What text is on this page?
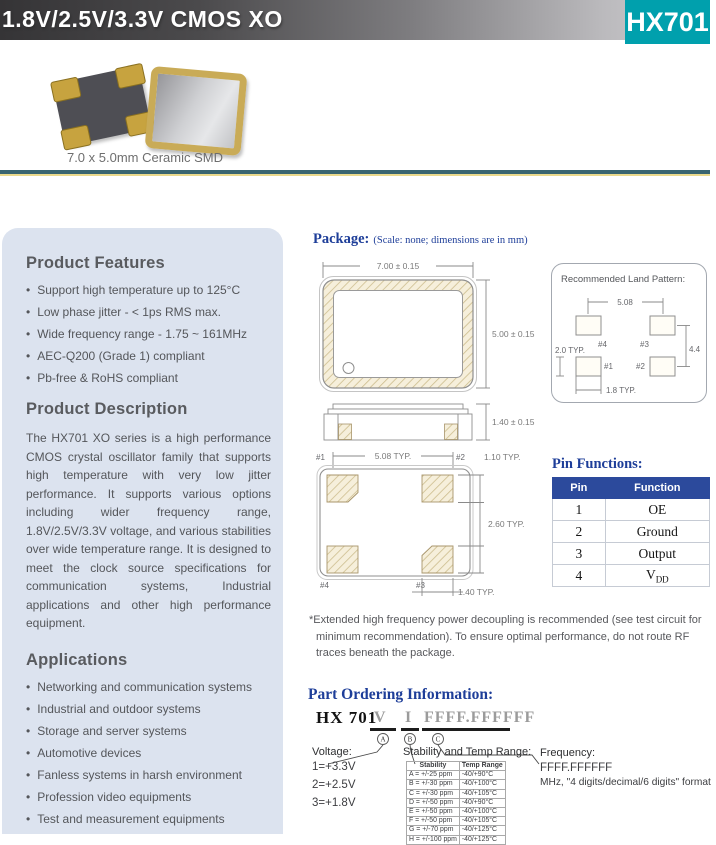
1.8V/2.5V/3.3V CMOS XO	HX701
7.0 x 5.0mm Ceramic SMD
Product Features
• Support high temperature up to 125°C
• Low phase jitter - < 1ps RMS max.
• Wide frequency range - 1.75 ~ 161MHz
• AEC-Q200 (Grade 1) compliant
• Pb-free & RoHS compliant
Product Description

The HX701 XO series is a high performance CMOS crystal oscillator family that supports high temperature with very low jitter performance. It supports various options including wider frequency range, 1.8V/2.5V/3.3V voltage, and various stabilities over wide temperature range. It is designed to meet the clock source specifications for communication systems, Industrial applications and other high performance equipment.

Applications
• Networking and communication systems
• Industrial and outdoor systems
• Storage and server systems
• Automotive devices
• Fanless systems in harsh environment
• Profession video equipments
• Test and measurement equipments
Package: (Scale: none; dimensions are in mm)
7.00 ± 0.15
5.00 ± 0.15
1.40 ± 0.15
5.08 TYP.
#1	#2 1.10 TYP.
#4	#3
2.60 TYP.
1.40 TYP.
Recommended Land Pattern:
5.08
#4	#3
#1	#2
4.4
2.0 TYP.
1.8 TYP.
Pin Functions:
Pin	Function
1	OE
2	Ground
3	Output
4	$V_{DD}$
*Extended high frequency power decoupling is recommended (see test circuit for minimum recommendation). To ensure optimal performance, do not route RF traces beneath the package.
Part Ordering Information:
HX 701
V I FFFF.FFFFFF
A	B	C
Voltage:
1=+3.3V
2=+2.5V
3=+1.8V
Stability and Temp Range:
Stability	Temp Range
A = +/-25 ppm	-40/+90°C
B = +/-30 ppm	-40/+100°C
C = +/-30 ppm	-40/+105°C
D = +/-50 ppm	-40/+90°C
E = +/-50 ppm	-40/+100°C
F = +/-50 ppm	-40/+105°C
G = +/-70 ppm	-40/+125°C
H = +/-100 ppm	-40/+125°C
Frequency:
FFFF.FFFFFF
MHz, "4 digits/decimal/6 digits" format
